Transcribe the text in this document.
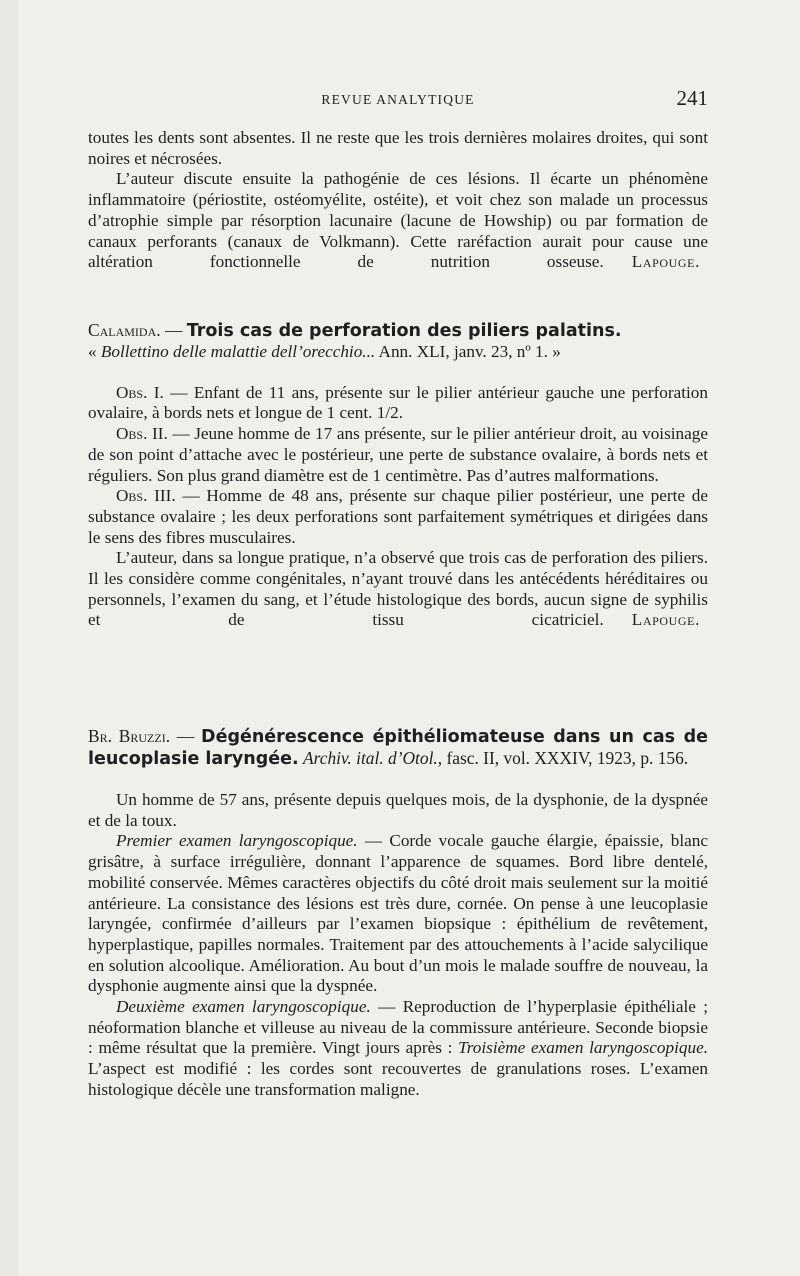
REVUE ANALYTIQUE	241

toutes les dents sont absentes. Il ne reste que les trois dernières molaires droites, qui sont noires et nécrosées.

L’auteur discute ensuite la pathogénie de ces lésions. Il écarte un phénomène inflammatoire (périostite, ostéomyélite, ostéite), et voit chez son malade un processus d’atrophie simple par résorption lacunaire (lacune de Howship) ou par formation de canaux perforants (canaux de Volkmann). Cette raréfaction aurait pour cause une altération fonctionnelle de nutrition osseuse.	Lapouge.

Calamida. — Trois cas de perforation des piliers palatins.

« Bollettino delle malattie dell’orecchio... Ann. XLI, janv. 23, nº 1. »

Obs. I. — Enfant de 11 ans, présente sur le pilier antérieur gauche une perforation ovalaire, à bords nets et longue de 1 cent. 1/2.

Obs. II. — Jeune homme de 17 ans présente, sur le pilier antérieur droit, au voisinage de son point d’attache avec le postérieur, une perte de substance ovalaire, à bords nets et réguliers. Son plus grand diamètre est de 1 centimètre. Pas d’autres malformations.

Obs. III. — Homme de 48 ans, présente sur chaque pilier postérieur, une perte de substance ovalaire ; les deux perforations sont parfaitement symétriques et dirigées dans le sens des fibres musculaires.

L’auteur, dans sa longue pratique, n’a observé que trois cas de perforation des piliers. Il les considère comme congénitales, n’ayant trouvé dans les antécédents héréditaires ou personnels, l’examen du sang, et l’étude histologique des bords, aucun signe de syphilis et de tissu cicatriciel.	Lapouge.

Br. Bruzzi. — Dégénérescence épithéliomateuse dans un cas de leucoplasie laryngée. Archiv. ital. d’Otol., fasc. II, vol. XXXIV, 1923, p. 156.

Un homme de 57 ans, présente depuis quelques mois, de la dysphonie, de la dyspnée et de la toux.

Premier examen laryngoscopique. — Corde vocale gauche élargie, épaissie, blanc grisâtre, à surface irrégulière, donnant l’apparence de squames. Bord libre dentelé, mobilité conservée. Mêmes caractères objectifs du côté droit mais seulement sur la moitié antérieure. La consistance des lésions est très dure, cornée. On pense à une leucoplasie laryngée, confirmée d’ailleurs par l’examen biopsique : épithélium de revêtement, hyperplastique, papilles normales. Traitement par des attouchements à l’acide salycilique en solution alcoolique. Amélioration. Au bout d’un mois le malade souffre de nouveau, la dysphonie augmente ainsi que la dyspnée.

Deuxième examen laryngoscopique. — Reproduction de l’hyperplasie épithéliale ; néoformation blanche et villeuse au niveau de la commissure antérieure. Seconde biopsie : même résultat que la première. Vingt jours après : Troisième examen laryngoscopique. L’aspect est modifié : les cordes sont recouvertes de granulations roses. L’examen histologique décèle une transformation maligne.
